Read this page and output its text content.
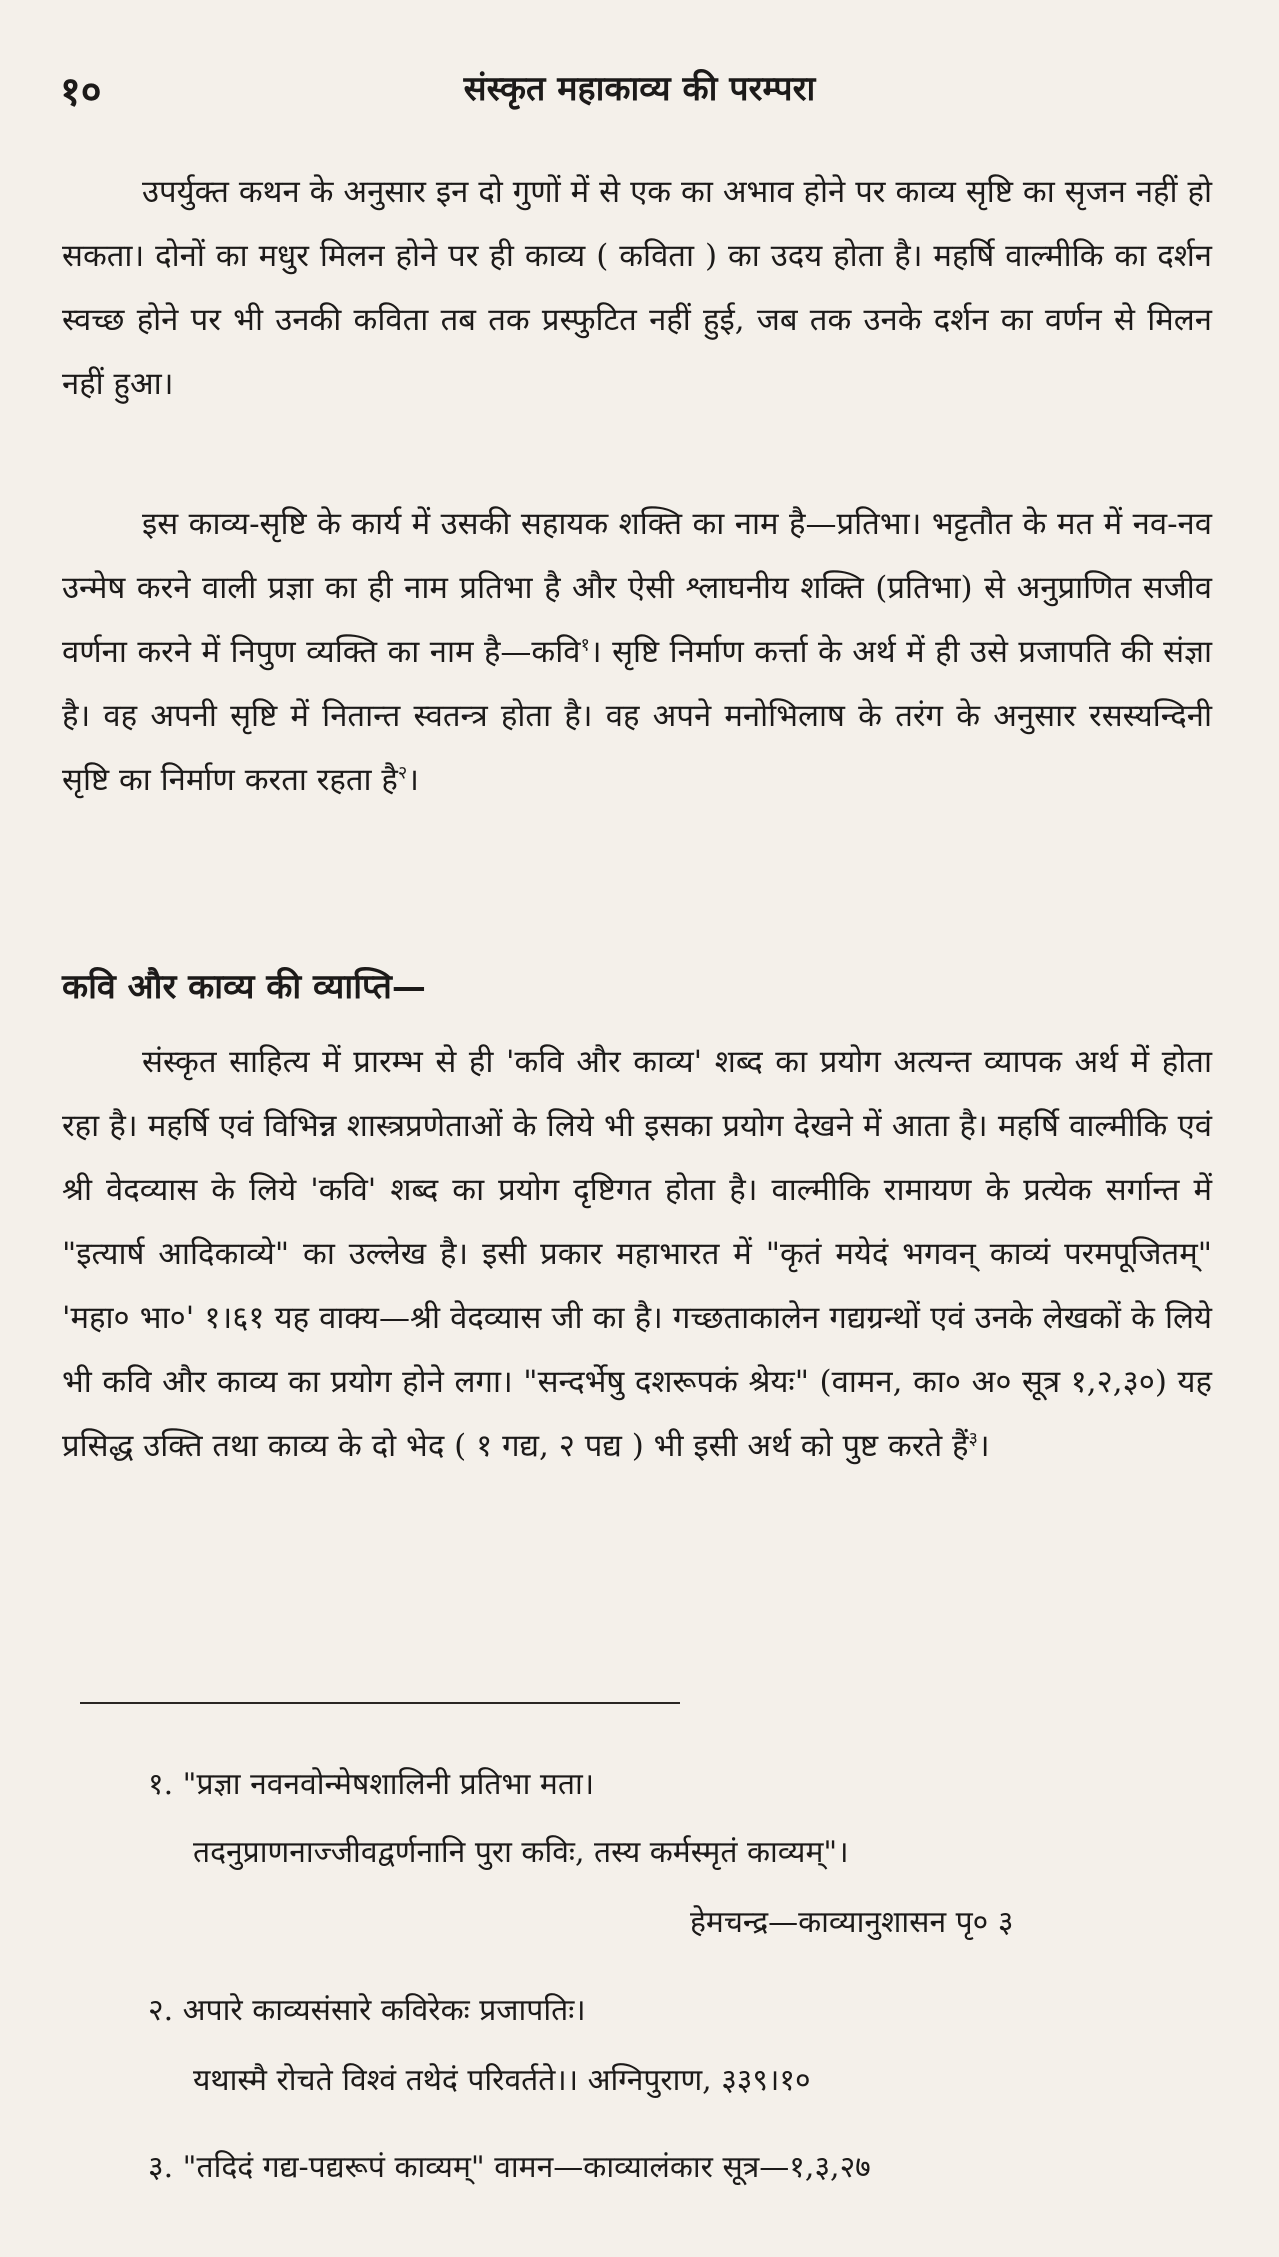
१०	संस्कृत महाकाव्य की परम्परा

उपर्युक्त कथन के अनुसार इन दो गुणों में से एक का अभाव होने पर काव्य सृष्टि का सृजन नहीं हो सकता। दोनों का मधुर मिलन होने पर ही काव्य ( कविता ) का उदय होता है। महर्षि वाल्मीकि का दर्शन स्वच्छ होने पर भी उनकी कविता तब तक प्रस्फुटित नहीं हुई, जब तक उनके दर्शन का वर्णन से मिलन नहीं हुआ।

इस काव्य-सृष्टि के कार्य में उसकी सहायक शक्ति का नाम है—प्रतिभा। भट्टतौत के मत में नव-नव उन्मेष करने वाली प्रज्ञा का ही नाम प्रतिभा है और ऐसी श्लाघनीय शक्ति (प्रतिभा) से अनुप्राणित सजीव वर्णना करने में निपुण व्यक्ति का नाम है—कवि$^१$। सृष्टि निर्माण कर्त्ता के अर्थ में ही उसे प्रजापति की संज्ञा है। वह अपनी सृष्टि में नितान्त स्वतन्त्र होता है। वह अपने मनोभिलाष के तरंग के अनुसार रसस्यन्दिनी सृष्टि का निर्माण करता रहता है$^२$।

कवि और काव्य की व्याप्ति—

संस्कृत साहित्य में प्रारम्भ से ही 'कवि और काव्य' शब्द का प्रयोग अत्यन्त व्यापक अर्थ में होता रहा है। महर्षि एवं विभिन्न शास्त्रप्रणेताओं के लिये भी इसका प्रयोग देखने में आता है। महर्षि वाल्मीकि एवं श्री वेदव्यास के लिये 'कवि' शब्द का प्रयोग दृष्टिगत होता है। वाल्मीकि रामायण के प्रत्येक सर्गान्त में "इत्यार्ष आदिकाव्ये" का उल्लेख है। इसी प्रकार महाभारत में "कृतं मयेदं भगवन् काव्यं परमपूजितम्" 'महा० भा०' १।६१ यह वाक्य—श्री वेदव्यास जी का है। गच्छताकालेन गद्यग्रन्थों एवं उनके लेखकों के लिये भी कवि और काव्य का प्रयोग होने लगा। "सन्दर्भेषु दशरूपकं श्रेयः" (वामन, का० अ० सूत्र १,२,३०) यह प्रसिद्ध उक्ति तथा काव्य के दो भेद ( १ गद्य, २ पद्य ) भी इसी अर्थ को पुष्ट करते हैं$^३$।

१. "प्रज्ञा नवनवोन्मेषशालिनी प्रतिभा मता।

तदनुप्राणनाज्जीवद्वर्णनानि पुरा कविः, तस्य कर्मस्मृतं काव्यम्"।

हेमचन्द्र—काव्यानुशासन पृ० ३

२. अपारे काव्यसंसारे कविरेकः प्रजापतिः।

यथास्मै रोचते विश्वं तथेदं परिवर्तते।। अग्निपुराण, ३३९।१०

३. "तदिदं गद्य-पद्यरूपं काव्यम्" वामन—काव्यालंकार सूत्र—१,३,२७
